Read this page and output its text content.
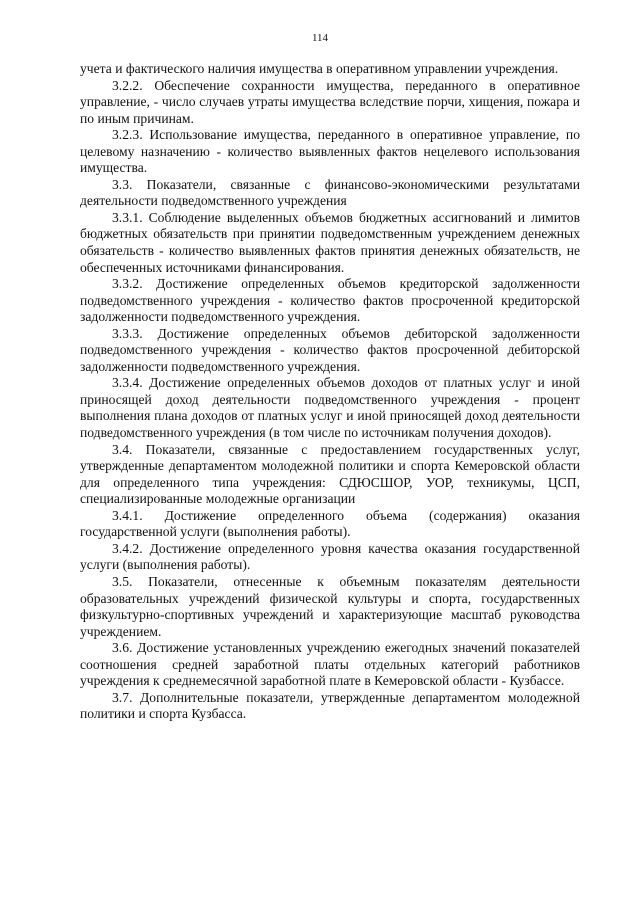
114

учета и фактического наличия имущества в оперативном управлении учреждения.

3.2.2. Обеспечение сохранности имущества, переданного в оперативное управление, - число случаев утраты имущества вследствие порчи, хищения, пожара и по иным причинам.

3.2.3. Использование имущества, переданного в оперативное управление, по целевому назначению - количество выявленных фактов нецелевого использования имущества.

3.3. Показатели, связанные с финансово-экономическими результатами деятельности подведомственного учреждения

3.3.1. Соблюдение выделенных объемов бюджетных ассигнований и лимитов бюджетных обязательств при принятии подведомственным учреждением денежных обязательств - количество выявленных фактов принятия денежных обязательств, не обеспеченных источниками финансирования.

3.3.2. Достижение определенных объемов кредиторской задолженности подведомственного учреждения - количество фактов просроченной кредиторской задолженности подведомственного учреждения.

3.3.3. Достижение определенных объемов дебиторской задолженности подведомственного учреждения - количество фактов просроченной дебиторской задолженности подведомственного учреждения.

3.3.4. Достижение определенных объемов доходов от платных услуг и иной приносящей доход деятельности подведомственного учреждения - процент выполнения плана доходов от платных услуг и иной приносящей доход деятельности подведомственного учреждения (в том числе по источникам получения доходов).

3.4. Показатели, связанные с предоставлением государственных услуг, утвержденные департаментом молодежной политики и спорта Кемеровской области для определенного типа учреждения: СДЮСШОР, УОР, техникумы, ЦСП, специализированные молодежные организации

3.4.1. Достижение определенного объема (содержания) оказания государственной услуги (выполнения работы).

3.4.2. Достижение определенного уровня качества оказания государственной услуги (выполнения работы).

3.5. Показатели, отнесенные к объемным показателям деятельности образовательных учреждений физической культуры и спорта, государственных физкультурно-спортивных учреждений и характеризующие масштаб руководства учреждением.

3.6. Достижение установленных учреждению ежегодных значений показателей соотношения средней заработной платы отдельных категорий работников учреждения к среднемесячной заработной плате в Кемеровской области - Кузбассе.

3.7. Дополнительные показатели, утвержденные департаментом молодежной политики и спорта Кузбасса.
